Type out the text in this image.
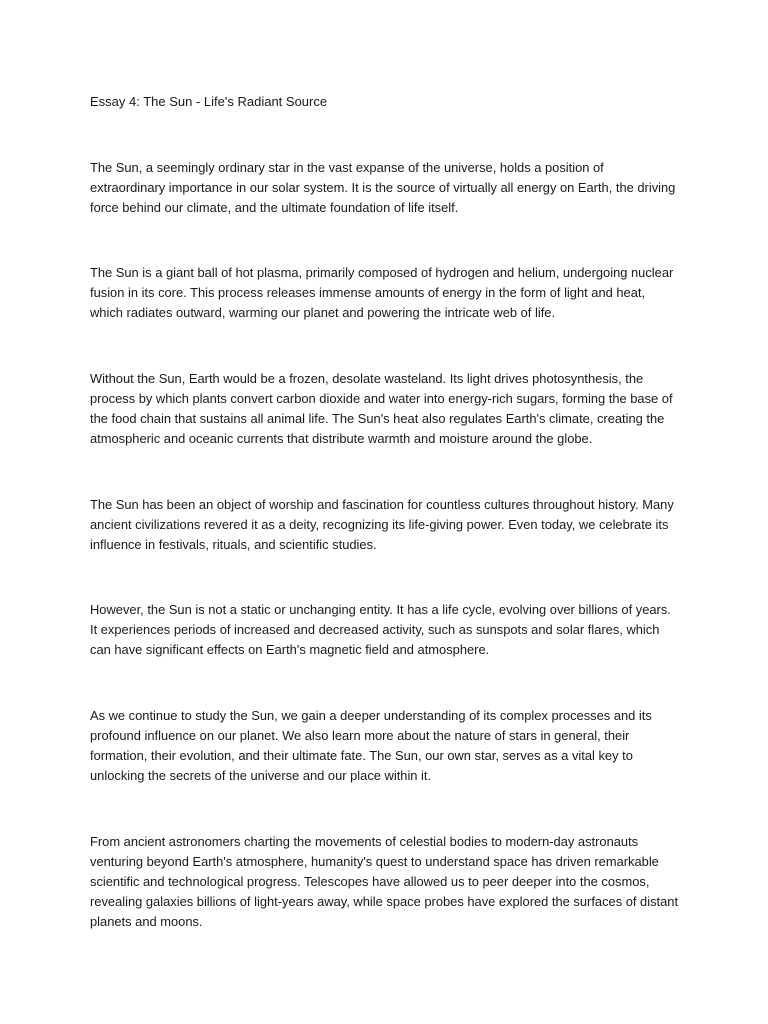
Essay 4: The Sun - Life's Radiant Source

The Sun, a seemingly ordinary star in the vast expanse of the universe, holds a position of extraordinary importance in our solar system. It is the source of virtually all energy on Earth, the driving force behind our climate, and the ultimate foundation of life itself.

The Sun is a giant ball of hot plasma, primarily composed of hydrogen and helium, undergoing nuclear fusion in its core. This process releases immense amounts of energy in the form of light and heat, which radiates outward, warming our planet and powering the intricate web of life.

Without the Sun, Earth would be a frozen, desolate wasteland. Its light drives photosynthesis, the process by which plants convert carbon dioxide and water into energy-rich sugars, forming the base of the food chain that sustains all animal life. The Sun's heat also regulates Earth's climate, creating the atmospheric and oceanic currents that distribute warmth and moisture around the globe.

The Sun has been an object of worship and fascination for countless cultures throughout history. Many ancient civilizations revered it as a deity, recognizing its life-giving power. Even today, we celebrate its influence in festivals, rituals, and scientific studies.

However, the Sun is not a static or unchanging entity. It has a life cycle, evolving over billions of years. It experiences periods of increased and decreased activity, such as sunspots and solar flares, which can have significant effects on Earth's magnetic field and atmosphere.

As we continue to study the Sun, we gain a deeper understanding of its complex processes and its profound influence on our planet. We also learn more about the nature of stars in general, their formation, their evolution, and their ultimate fate. The Sun, our own star, serves as a vital key to unlocking the secrets of the universe and our place within it.

From ancient astronomers charting the movements of celestial bodies to modern-day astronauts venturing beyond Earth's atmosphere, humanity's quest to understand space has driven remarkable scientific and technological progress. Telescopes have allowed us to peer deeper into the cosmos, revealing galaxies billions of light-years away, while space probes have explored the surfaces of distant planets and moons.
